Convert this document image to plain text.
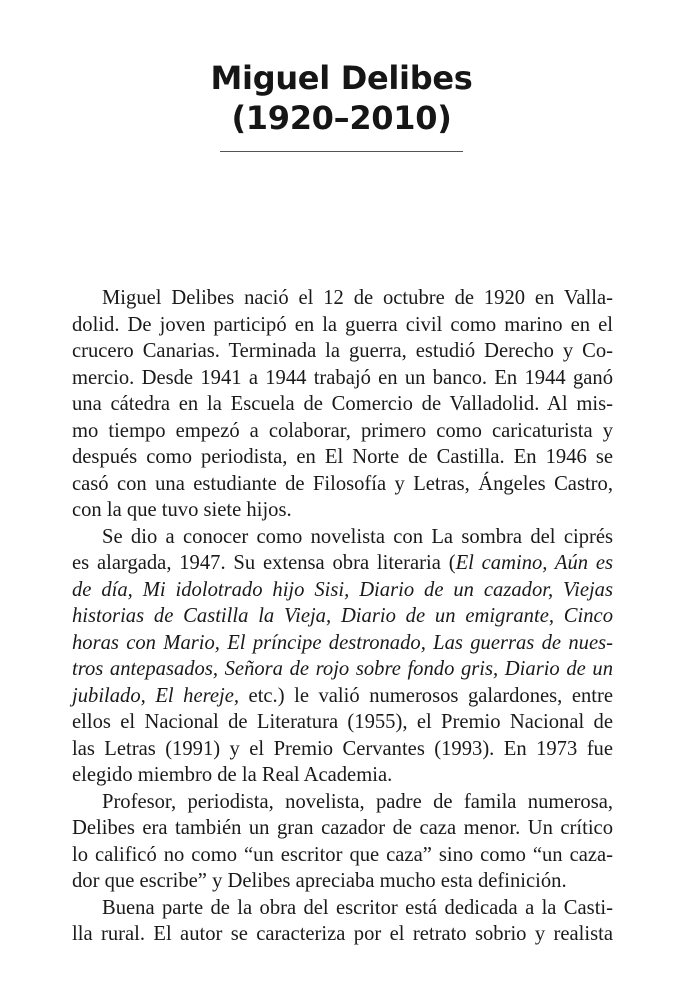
Miguel Delibes
(1920–2010)
Miguel Delibes nació el 12 de octubre de 1920 en Valla-
dolid. De joven participó en la guerra civil como marino en el
crucero Canarias. Terminada la guerra, estudió Derecho y Co-
mercio. Desde 1941 a 1944 trabajó en un banco. En 1944 ganó
una cátedra en la Escuela de Comercio de Valladolid. Al mis-
mo tiempo empezó a colaborar, primero como caricaturista y
después como periodista, en El Norte de Castilla. En 1946 se
casó con una estudiante de Filosofía y Letras, Ángeles Castro,
con la que tuvo siete hijos.
Se dio a conocer como novelista con La sombra del ciprés
es alargada, 1947. Su extensa obra literaria (El camino, Aún es
de día, Mi idolotrado hijo Sisi, Diario de un cazador, Viejas
historias de Castilla la Vieja, Diario de un emigrante, Cinco
horas con Mario, El príncipe destronado, Las guerras de nues-
tros antepasados, Señora de rojo sobre fondo gris, Diario de un
jubilado, El hereje, etc.) le valió numerosos galardones, entre
ellos el Nacional de Literatura (1955), el Premio Nacional de
las Letras (1991) y el Premio Cervantes (1993). En 1973 fue
elegido miembro de la Real Academia.
Profesor, periodista, novelista, padre de famila numerosa,
Delibes era también un gran cazador de caza menor. Un crítico
lo calificó no como “un escritor que caza” sino como “un caza-
dor que escribe” y Delibes apreciaba mucho esta definición.
Buena parte de la obra del escritor está dedicada a la Casti-
lla rural. El autor se caracteriza por el retrato sobrio y realista
